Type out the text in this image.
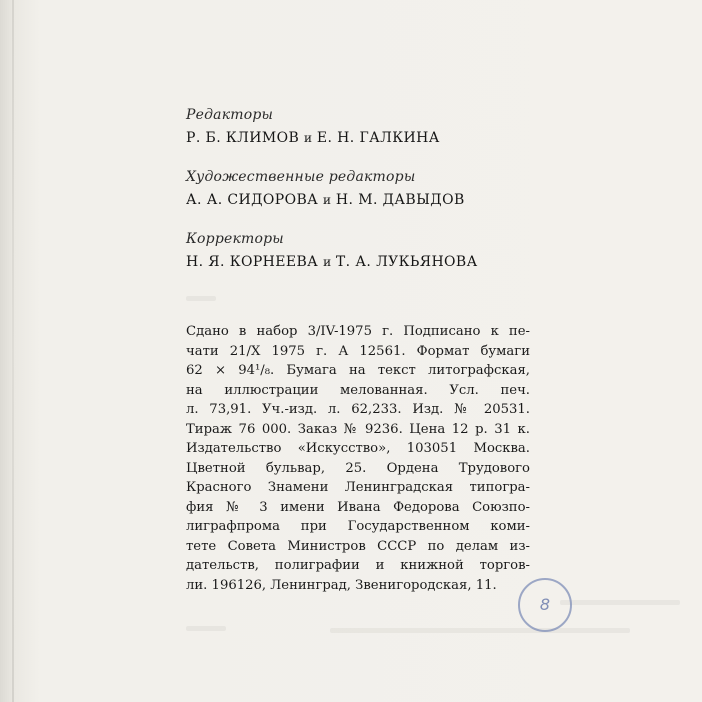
Редакторы
Р. Б. КЛИМОВ и Е. Н. ГАЛКИНА
Художественные редакторы
А. А. СИДОРОВА и Н. М. ДАВЫДОВ
Корректоры
Н. Я. КОРНЕЕВА и Т. А. ЛУКЬЯНОВА
Сдано в набор 3/IV-1975 г. Подписано к пе-
чати 21/X 1975 г. А 12561. Формат бумаги
62 × 94¹/₈. Бумага на текст литографская,
на иллюстрации мелованная. Усл. печ.
л. 73,91. Уч.-изд. л. 62,233. Изд. № 20531.
Тираж 76 000. Заказ № 9236. Цена 12 р. 31 к.
Издательство «Искусство», 103051 Москва.
Цветной бульвар, 25. Ордена Трудового
Красного Знамени Ленинградская типогра-
фия № 3 имени Ивана Федорова Союзпо-
лиграфпрома при Государственном коми-
тете Совета Министров СССР по делам из-
дательств, полиграфии и книжной торгов-
ли. 196126, Ленинград, Звенигородская, 11.
8
